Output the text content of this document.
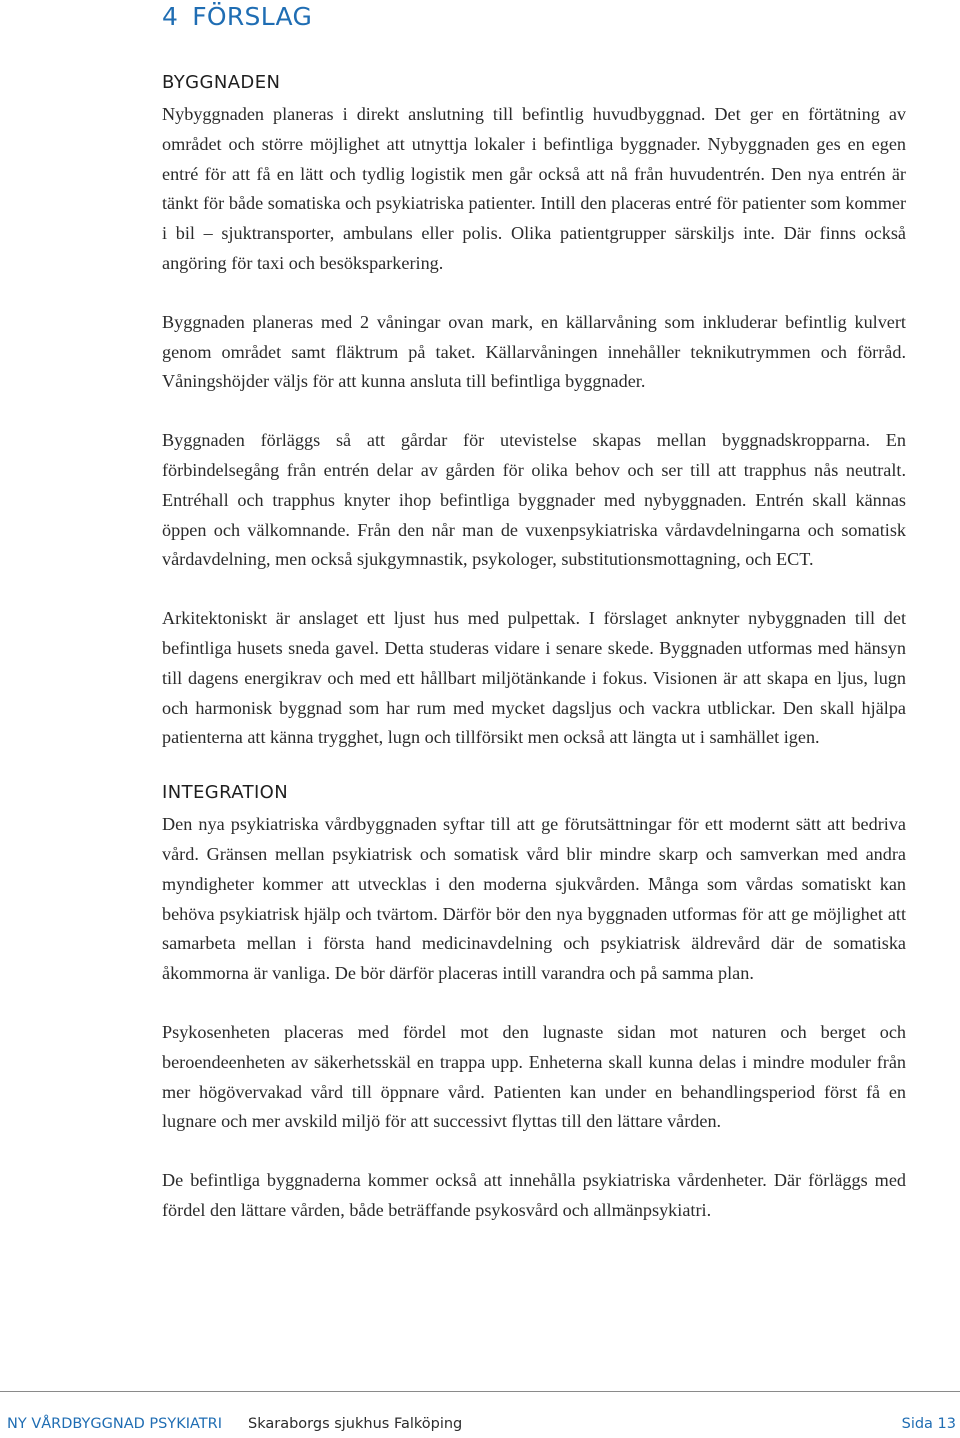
4 FÖRSLAG
BYGGNADEN

Nybyggnaden planeras i direkt anslutning till befintlig huvudbyggnad. Det ger en förtätning av området och större möjlighet att utnyttja lokaler i befintliga byggnader. Nybyggnaden ges en egen entré för att få en lätt och tydlig logistik men går också att nå från huvudentrén. Den nya entrén är tänkt för både somatiska och psykiatriska patienter. Intill den placeras entré för patienter som kommer i bil – sjuktransporter, ambulans eller polis. Olika patientgrupper särskiljs inte. Där finns också angöring för taxi och besöksparkering.

Byggnaden planeras med 2 våningar ovan mark, en källarvåning som inkluderar befintlig kulvert genom området samt fläktrum på taket. Källarvåningen innehåller teknikutrymmen och förråd. Våningshöjder väljs för att kunna ansluta till befintliga byggnader.

Byggnaden förläggs så att gårdar för utevistelse skapas mellan byggnadskropparna. En förbindelsegång från entrén delar av gården för olika behov och ser till att trapphus nås neutralt. Entréhall och trapphus knyter ihop befintliga byggnader med nybyggnaden. Entrén skall kännas öppen och välkomnande. Från den når man de vuxenpsykiatriska vårdavdelningarna och somatisk vårdavdelning, men också sjukgymnastik, psykologer, substitutionsmottagning, och ECT.

Arkitektoniskt är anslaget ett ljust hus med pulpettak. I förslaget anknyter nybyggnaden till det befintliga husets sneda gavel. Detta studeras vidare i senare skede. Byggnaden utformas med hänsyn till dagens energikrav och med ett hållbart miljötänkande i fokus. Visionen är att skapa en ljus, lugn och harmonisk byggnad som har rum med mycket dagsljus och vackra utblickar. Den skall hjälpa patienterna att känna trygghet, lugn och tillförsikt men också att längta ut i samhället igen.

INTEGRATION

Den nya psykiatriska vårdbyggnaden syftar till att ge förutsättningar för ett modernt sätt att bedriva vård. Gränsen mellan psykiatrisk och somatisk vård blir mindre skarp och samverkan med andra myndigheter kommer att utvecklas i den moderna sjukvården. Många som vårdas somatiskt kan behöva psykiatrisk hjälp och tvärtom. Därför bör den nya byggnaden utformas för att ge möjlighet att samarbeta mellan i första hand medicinavdelning och psykiatrisk äldrevård där de somatiska åkommorna är vanliga. De bör därför placeras intill varandra och på samma plan.

Psykosenheten placeras med fördel mot den lugnaste sidan mot naturen och berget och beroendeenheten av säkerhetsskäl en trappa upp. Enheterna skall kunna delas i mindre moduler från mer högövervakad vård till öppnare vård. Patienten kan under en behandlingsperiod först få en lugnare och mer avskild miljö för att successivt flyttas till den lättare vården.

De befintliga byggnaderna kommer också att innehålla psykiatriska vårdenheter. Där förläggs med fördel den lättare vården, både beträffande psykosvård och allmänpsykiatri.

NY VÅRDBYGGNAD PSYKIATRI Skaraborgs sjukhus Falköping	Sida 13
